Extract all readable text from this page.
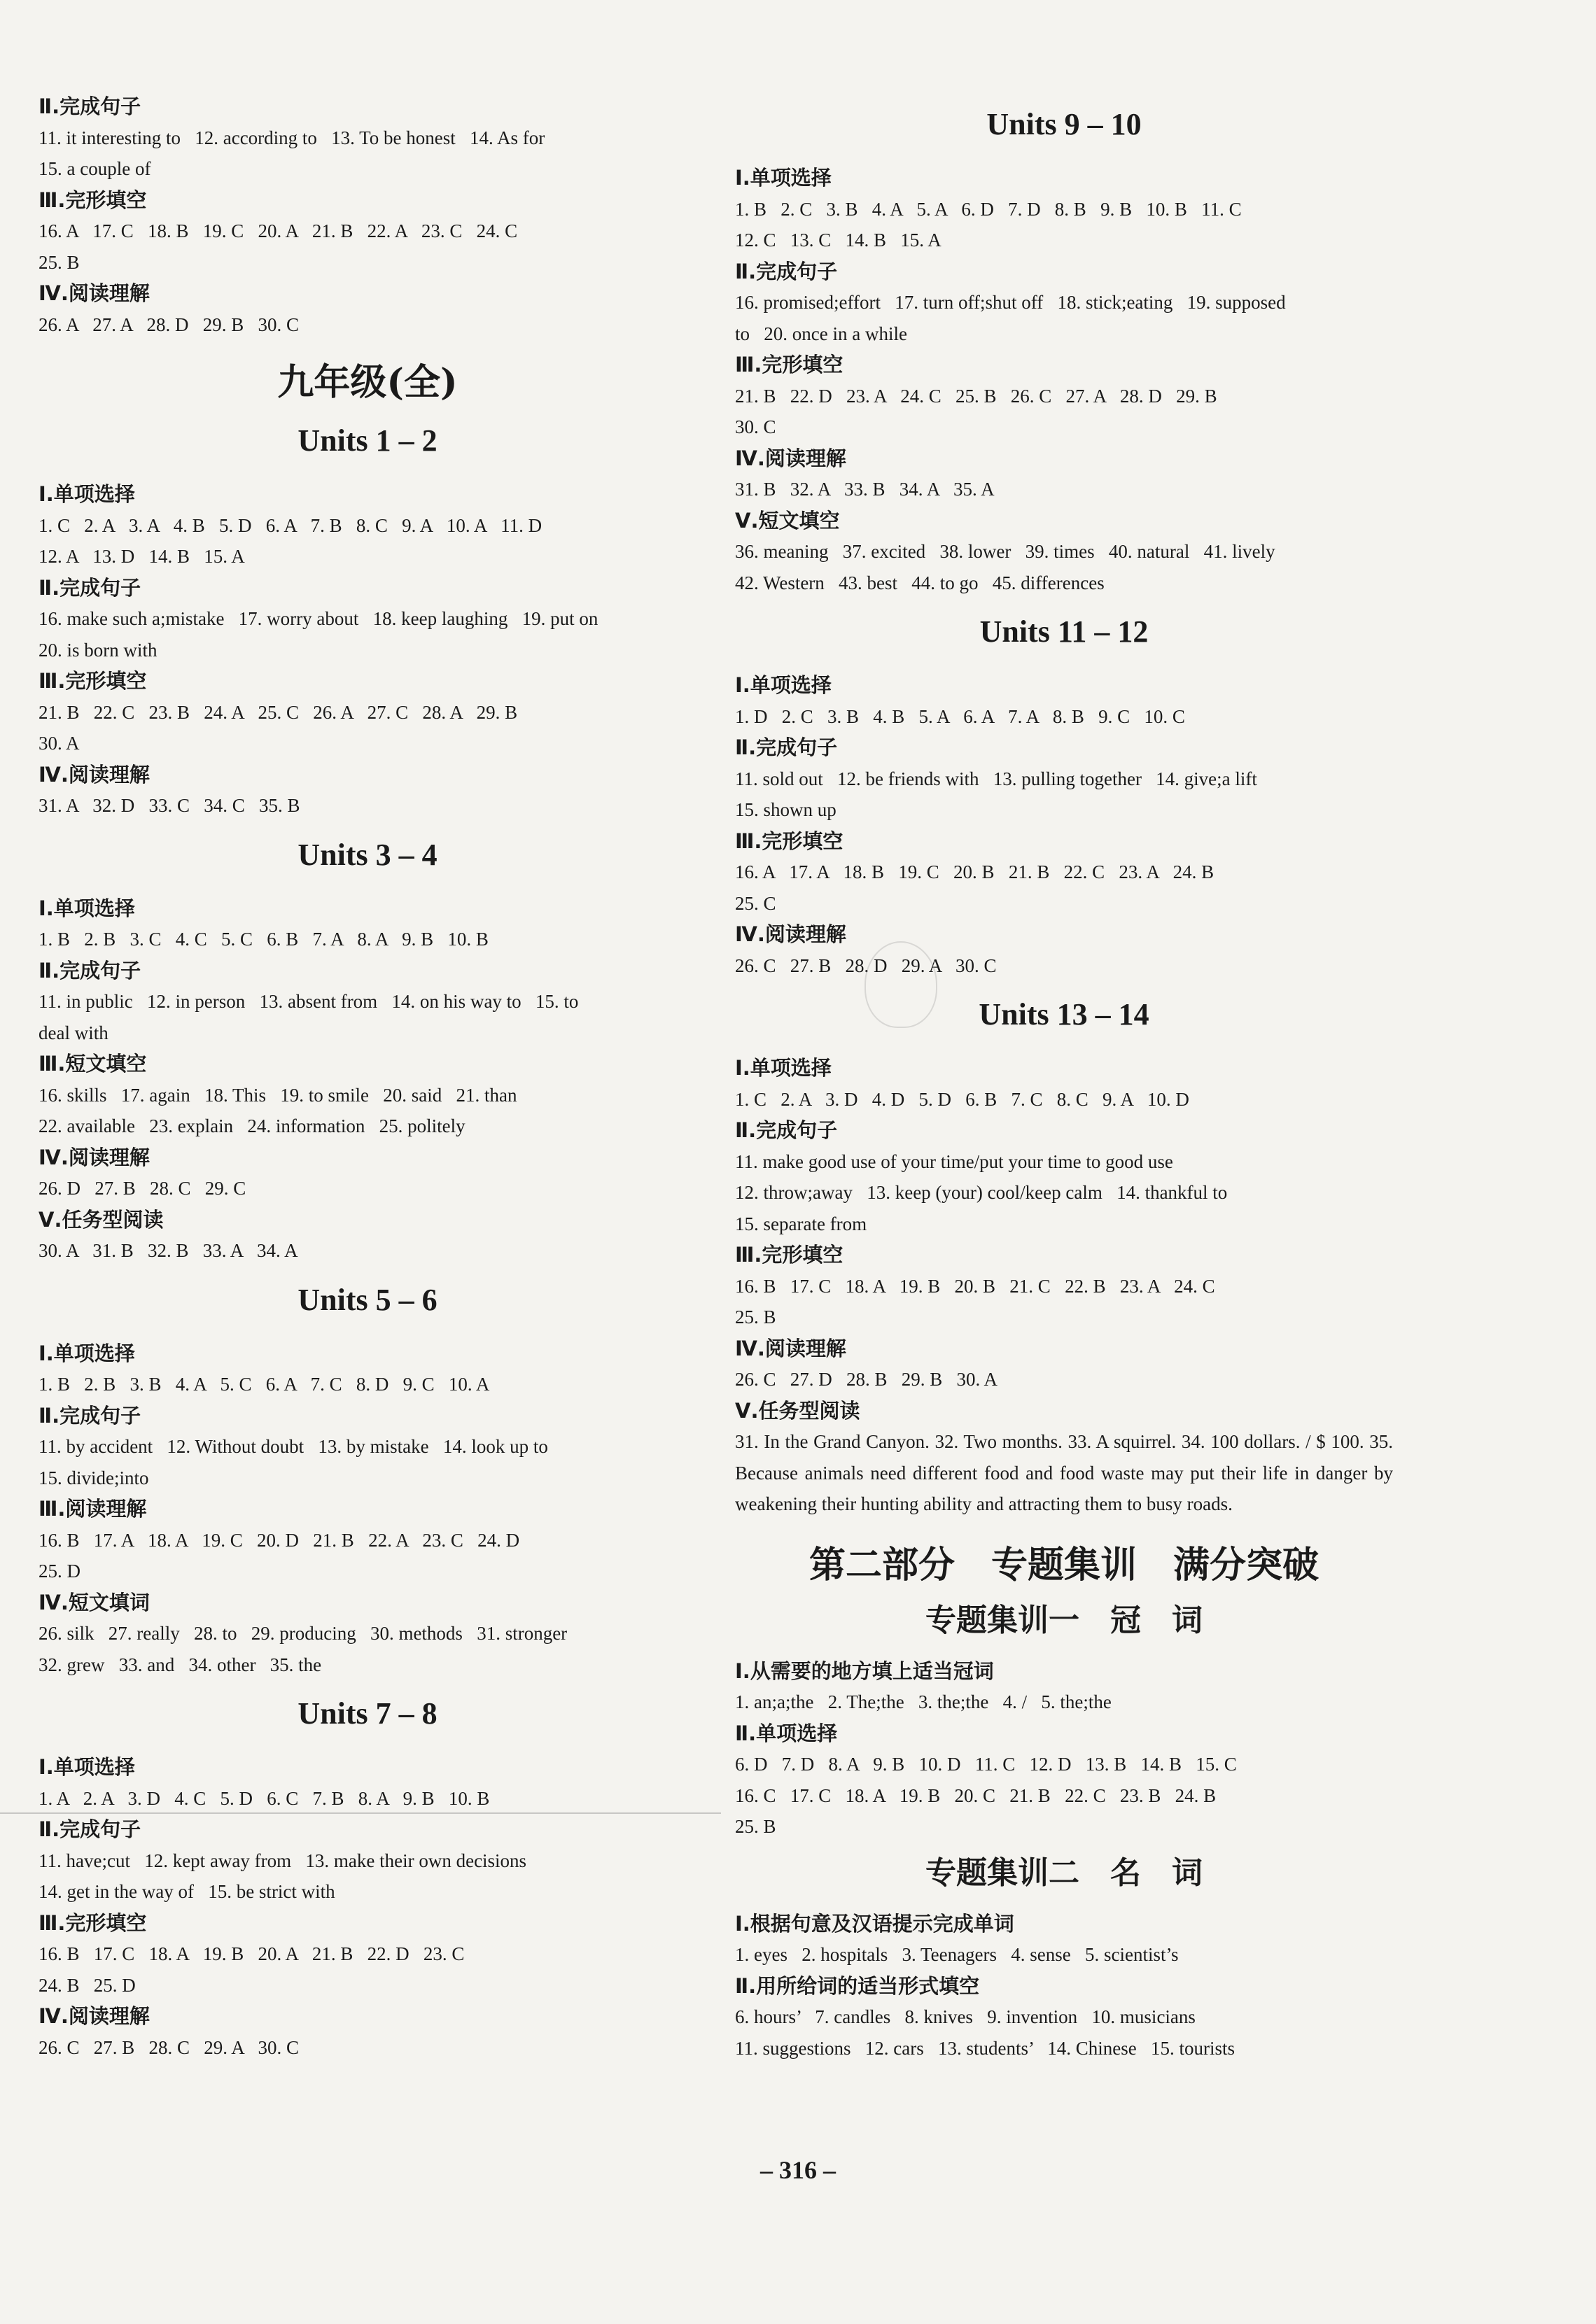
Ⅱ.完成句子
11. it interesting to   12. according to   13. To be honest   14. As for
15. a couple of
Ⅲ.完形填空
16. A   17. C   18. B   19. C   20. A   21. B   22. A   23. C   24. C
25. B
Ⅳ.阅读理解
26. A   27. A   28. D   29. B   30. C
九年级(全)
Units 1 – 2
Ⅰ.单项选择
1. C   2. A   3. A   4. B   5. D   6. A   7. B   8. C   9. A   10. A   11. D
12. A   13. D   14. B   15. A
Ⅱ.完成句子
16. make such a;mistake   17. worry about   18. keep laughing   19. put on
20. is born with
Ⅲ.完形填空
21. B   22. C   23. B   24. A   25. C   26. A   27. C   28. A   29. B
30. A
Ⅳ.阅读理解
31. A   32. D   33. C   34. C   35. B
Units 3 – 4
Ⅰ.单项选择
1. B   2. B   3. C   4. C   5. C   6. B   7. A   8. A   9. B   10. B
Ⅱ.完成句子
11. in public   12. in person   13. absent from   14. on his way to   15. to
deal with
Ⅲ.短文填空
16. skills   17. again   18. This   19. to smile   20. said   21. than
22. available   23. explain   24. information   25. politely
Ⅳ.阅读理解
26. D   27. B   28. C   29. C
Ⅴ.任务型阅读
30. A   31. B   32. B   33. A   34. A
Units 5 – 6
Ⅰ.单项选择
1. B   2. B   3. B   4. A   5. C   6. A   7. C   8. D   9. C   10. A
Ⅱ.完成句子
11. by accident   12. Without doubt   13. by mistake   14. look up to
15. divide;into
Ⅲ.阅读理解
16. B   17. A   18. A   19. C   20. D   21. B   22. A   23. C   24. D
25. D
Ⅳ.短文填词
26. silk   27. really   28. to   29. producing   30. methods   31. stronger
32. grew   33. and   34. other   35. the
Units 7 – 8
Ⅰ.单项选择
1. A   2. A   3. D   4. C   5. D   6. C   7. B   8. A   9. B   10. B
Ⅱ.完成句子
11. have;cut   12. kept away from   13. make their own decisions
14. get in the way of   15. be strict with
Ⅲ.完形填空
16. B   17. C   18. A   19. B   20. A   21. B   22. D   23. C
24. B   25. D
Ⅳ.阅读理解
26. C   27. B   28. C   29. A   30. C
Units 9 – 10
Ⅰ.单项选择
1. B   2. C   3. B   4. A   5. A   6. D   7. D   8. B   9. B   10. B   11. C
12. C   13. C   14. B   15. A
Ⅱ.完成句子
16. promised;effort   17. turn off;shut off   18. stick;eating   19. supposed
to   20. once in a while
Ⅲ.完形填空
21. B   22. D   23. A   24. C   25. B   26. C   27. A   28. D   29. B
30. C
Ⅳ.阅读理解
31. B   32. A   33. B   34. A   35. A
Ⅴ.短文填空
36. meaning   37. excited   38. lower   39. times   40. natural   41. lively
42. Western   43. best   44. to go   45. differences
Units 11 – 12
Ⅰ.单项选择
1. D   2. C   3. B   4. B   5. A   6. A   7. A   8. B   9. C   10. C
Ⅱ.完成句子
11. sold out   12. be friends with   13. pulling together   14. give;a lift
15. shown up
Ⅲ.完形填空
16. A   17. A   18. B   19. C   20. B   21. B   22. C   23. A   24. B
25. C
Ⅳ.阅读理解
26. C   27. B   28. D   29. A   30. C
Units 13 – 14
Ⅰ.单项选择
1. C   2. A   3. D   4. D   5. D   6. B   7. C   8. C   9. A   10. D
Ⅱ.完成句子
11. make good use of your time/put your time to good use
12. throw;away   13. keep (your) cool/keep calm   14. thankful to
15. separate from
Ⅲ.完形填空
16. B   17. C   18. A   19. B   20. B   21. C   22. B   23. A   24. C
25. B
Ⅳ.阅读理解
26. C   27. D   28. B   29. B   30. A
Ⅴ.任务型阅读
31. In the Grand Canyon. 32. Two months. 33. A squirrel. 34. 100 dollars. / $ 100. 35. Because animals need different food and food waste may put their life in danger by weakening their hunting ability and attracting them to busy roads.
第二部分　专题集训　满分突破
专题集训一　冠　词
Ⅰ.从需要的地方填上适当冠词
1. an;a;the   2. The;the   3. the;the   4. /   5. the;the
Ⅱ.单项选择
6. D   7. D   8. A   9. B   10. D   11. C   12. D   13. B   14. B   15. C
16. C   17. C   18. A   19. B   20. C   21. B   22. C   23. B   24. B
25. B
专题集训二　名　词
Ⅰ.根据句意及汉语提示完成单词
1. eyes   2. hospitals   3. Teenagers   4. sense   5. scientist’s
Ⅱ.用所给词的适当形式填空
6. hours’   7. candles   8. knives   9. invention   10. musicians
11. suggestions   12. cars   13. students’   14. Chinese   15. tourists
– 316 –
